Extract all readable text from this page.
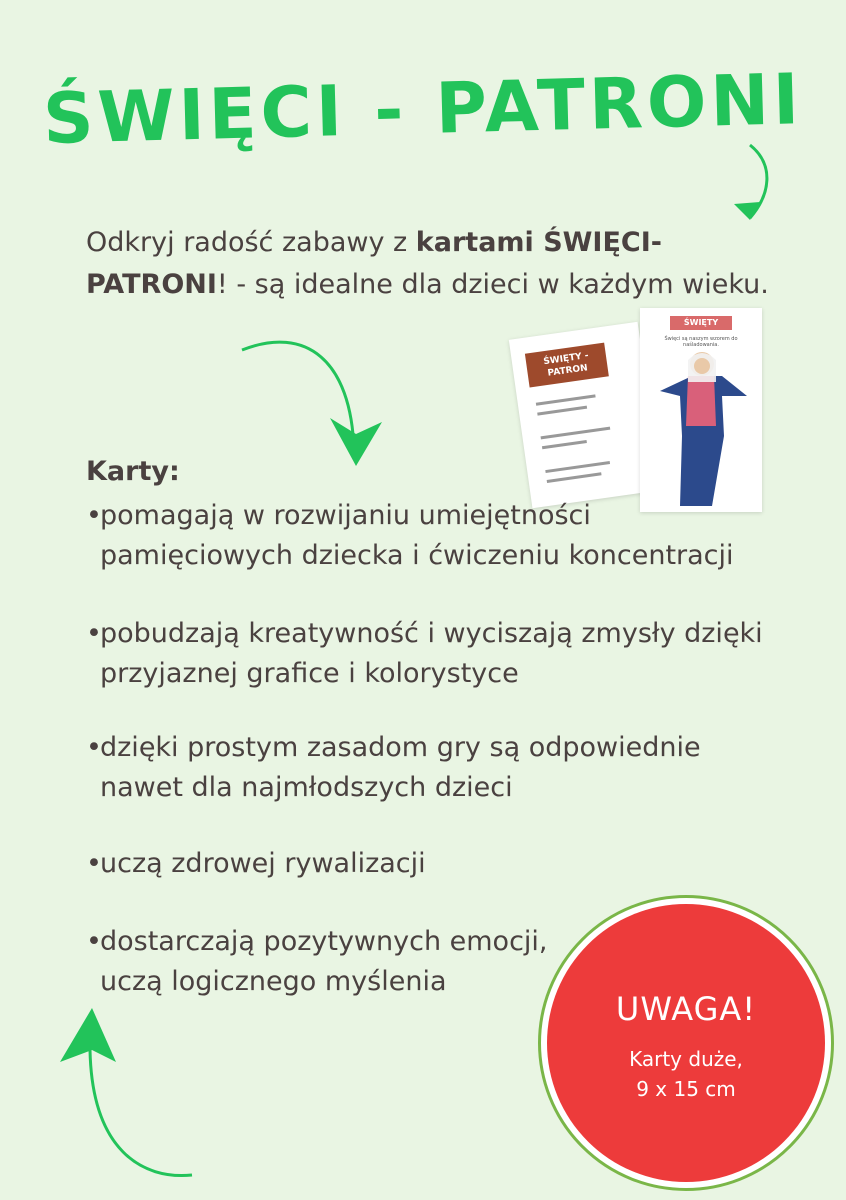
ŚWIĘCI - PATRONI
Odkryj radość zabawy z kartami ŚWIĘCI-
PATRONI! - są idealne dla dzieci w każdym wieku.
ŚWIĘTY - PATRON
ŚWIĘTY
Święci są naszym wzorem do naśladowania.
Karty:
•
pomagają w rozwijaniu umiejętności
pamięciowych dziecka i ćwiczeniu koncentracji
•
pobudzają kreatywność i wyciszają zmysły dzięki
przyjaznej grafice i kolorystyce
•
dzięki prostym zasadom gry są odpowiednie
nawet dla najmłodszych dzieci
•
uczą zdrowej rywalizacji
•
dostarczają pozytywnych emocji,
uczą logicznego myślenia
UWAGA!
Karty duże,
9 x 15 cm
